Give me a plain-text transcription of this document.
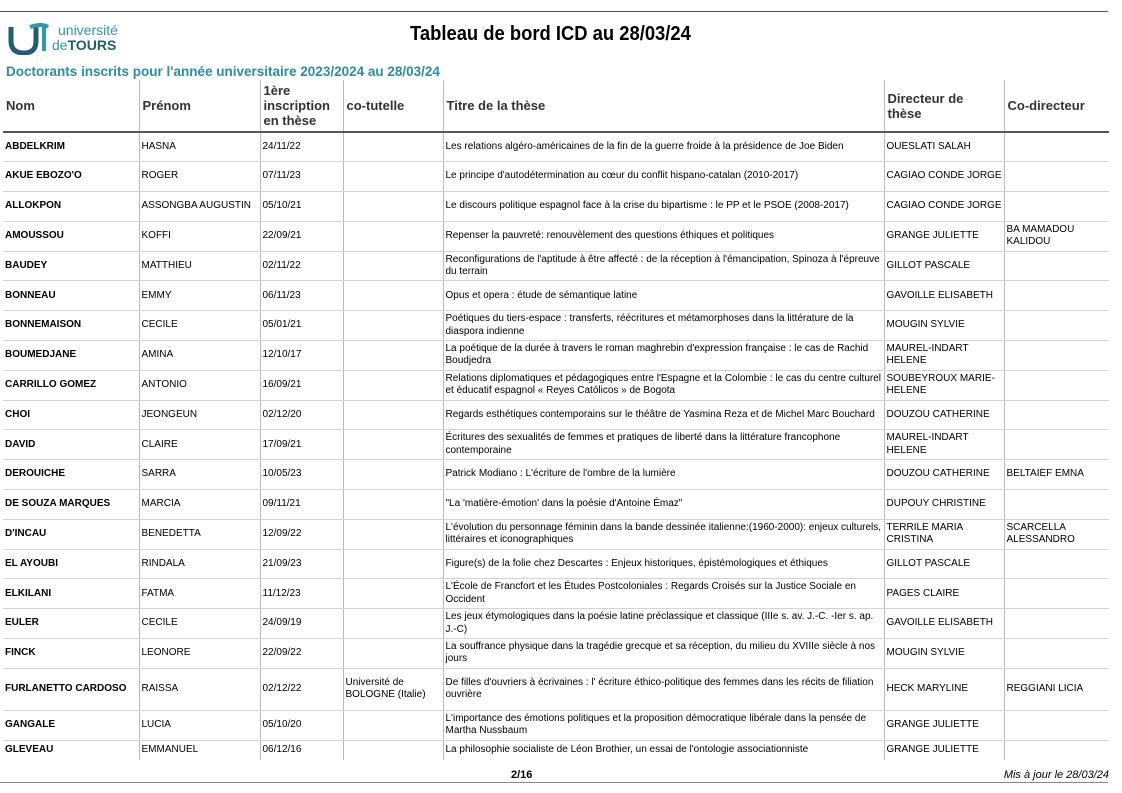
université
deTOURS	Tableau de bord ICD au 28/03/24
Doctorants inscrits pour l'année universitaire 2023/2024 au 28/03/24
Nom	Prénom	1ère inscription en thèse	co-tutelle	Titre de la thèse	Directeur de thèse	Co-directeur
ABDELKRIM	HASNA	24/11/22		Les relations algéro-américaines de la fin de la guerre froide à la présidence de Joe Biden	OUESLATI SALAH	
AKUE EBOZO'O	ROGER	07/11/23		Le principe d'autodétermination au cœur du conflit hispano-catalan (2010-2017)	CAGIAO CONDE JORGE	
ALLOKPON	ASSONGBA AUGUSTIN	05/10/21		Le discours politique espagnol face à la crise du bipartisme : le PP et le PSOE (2008-2017)	CAGIAO CONDE JORGE	
AMOUSSOU	KOFFI	22/09/21		Repenser la pauvreté: renouvèlement des questions éthiques et politiques	GRANGE JULIETTE	BA MAMADOU KALIDOU
BAUDEY	MATTHIEU	02/11/22		Reconfigurations de l'aptitude à être affecté : de la réception à l'émancipation, Spinoza à l'épreuve du terrain	GILLOT PASCALE	
BONNEAU	EMMY	06/11/23		Opus et opera : étude de sémantique latine	GAVOILLE ELISABETH	
BONNEMAISON	CECILE	05/01/21		Poétiques du tiers-espace : transferts, réécritures et métamorphoses dans la littérature de la diaspora indienne	MOUGIN SYLVIE	
BOUMEDJANE	AMINA	12/10/17		La poétique de la durée à travers le roman maghrebin d'expression française : le cas de Rachid Boudjedra	MAUREL-INDART HELENE	
CARRILLO GOMEZ	ANTONIO	16/09/21		Relations diplomatiques et pédagogiques entre l'Espagne et la Colombie : le cas du centre culturel et éducatif espagnol « Reyes Católicos » de Bogota	SOUBEYROUX MARIE-HELENE	
CHOI	JEONGEUN	02/12/20		Regards esthétiques contemporains sur le théâtre de Yasmina Reza et de Michel Marc Bouchard	DOUZOU CATHERINE	
DAVID	CLAIRE	17/09/21		Écritures des sexualités de femmes et pratiques de liberté dans la littérature francophone contemporaine	MAUREL-INDART HELENE	
DEROUICHE	SARRA	10/05/23		Patrick Modiano : L'écriture de l'ombre de la lumière	DOUZOU CATHERINE	BELTAIEF EMNA
DE SOUZA MARQUES	MARCIA	09/11/21		"La 'matière-émotion' dans la poésie d'Antoine Émaz"	DUPOUY CHRISTINE	
D'INCAU	BENEDETTA	12/09/22		L'évolution du personnage féminin dans la bande dessinée italienne:(1960-2000): enjeux culturels, littéraires et iconographiques	TERRILE MARIA CRISTINA	SCARCELLA ALESSANDRO
EL AYOUBI	RINDALA	21/09/23		Figure(s) de la folie chez Descartes : Enjeux historiques, épistémologiques et éthiques	GILLOT PASCALE	
ELKILANI	FATMA	11/12/23		L'École de Francfort et les Études Postcoloniales : Regards Croisés sur la Justice Sociale en Occident	PAGES CLAIRE	
EULER	CECILE	24/09/19		Les jeux étymologiques dans la poésie latine préclassique et classique (IIIe s. av. J.-C. -Ier s. ap. J.-C)	GAVOILLE ELISABETH	
FINCK	LEONORE	22/09/22		La souffrance physique dans la tragédie grecque et sa réception, du milieu du XVIIIe siècle à nos jours	MOUGIN SYLVIE	
FURLANETTO CARDOSO	RAISSA	02/12/22	Université de BOLOGNE (Italie)	De filles d'ouvriers à écrivaines : l' écriture éthico-politique des femmes dans les récits de filiation ouvrière	HECK MARYLINE	REGGIANI LICIA
GANGALE	LUCIA	05/10/20		L'importance des émotions politiques et la proposition démocratique libérale dans la pensée de Martha Nussbaum	GRANGE JULIETTE	
GLEVEAU	EMMANUEL	06/12/16		La philosophie socialiste de Léon Brothier, un essai de l'ontologie associationniste	GRANGE JULIETTE	
2/16	Mis à jour le 28/03/24
